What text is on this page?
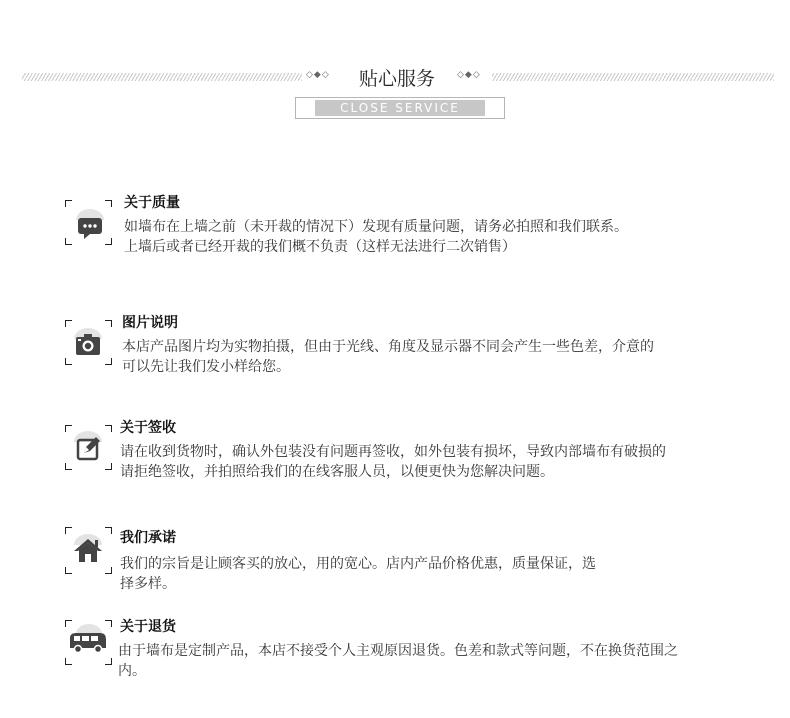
◇◆◇	贴心服务	◇◆◇
CLOSE SERVICE
关于质量
如墙布在上墙之前（未开裁的情况下）发现有质量问题，请务必拍照和我们联系。
上墙后或者已经开裁的我们概不负责（这样无法进行二次销售）
图片说明
本店产品图片均为实物拍摄，但由于光线、角度及显示器不同会产生一些色差，介意的
可以先让我们发小样给您。
关于签收
请在收到货物时，确认外包装没有问题再签收，如外包装有损坏，导致内部墙布有破损的
请拒绝签收，并拍照给我们的在线客服人员，以便更快为您解决问题。
我们承诺
我们的宗旨是让顾客买的放心，用的宽心。店内产品价格优惠，质量保证，选
择多样。
关于退货
由于墙布是定制产品，本店不接受个人主观原因退货。色差和款式等问题，不在换货范围之
内。
